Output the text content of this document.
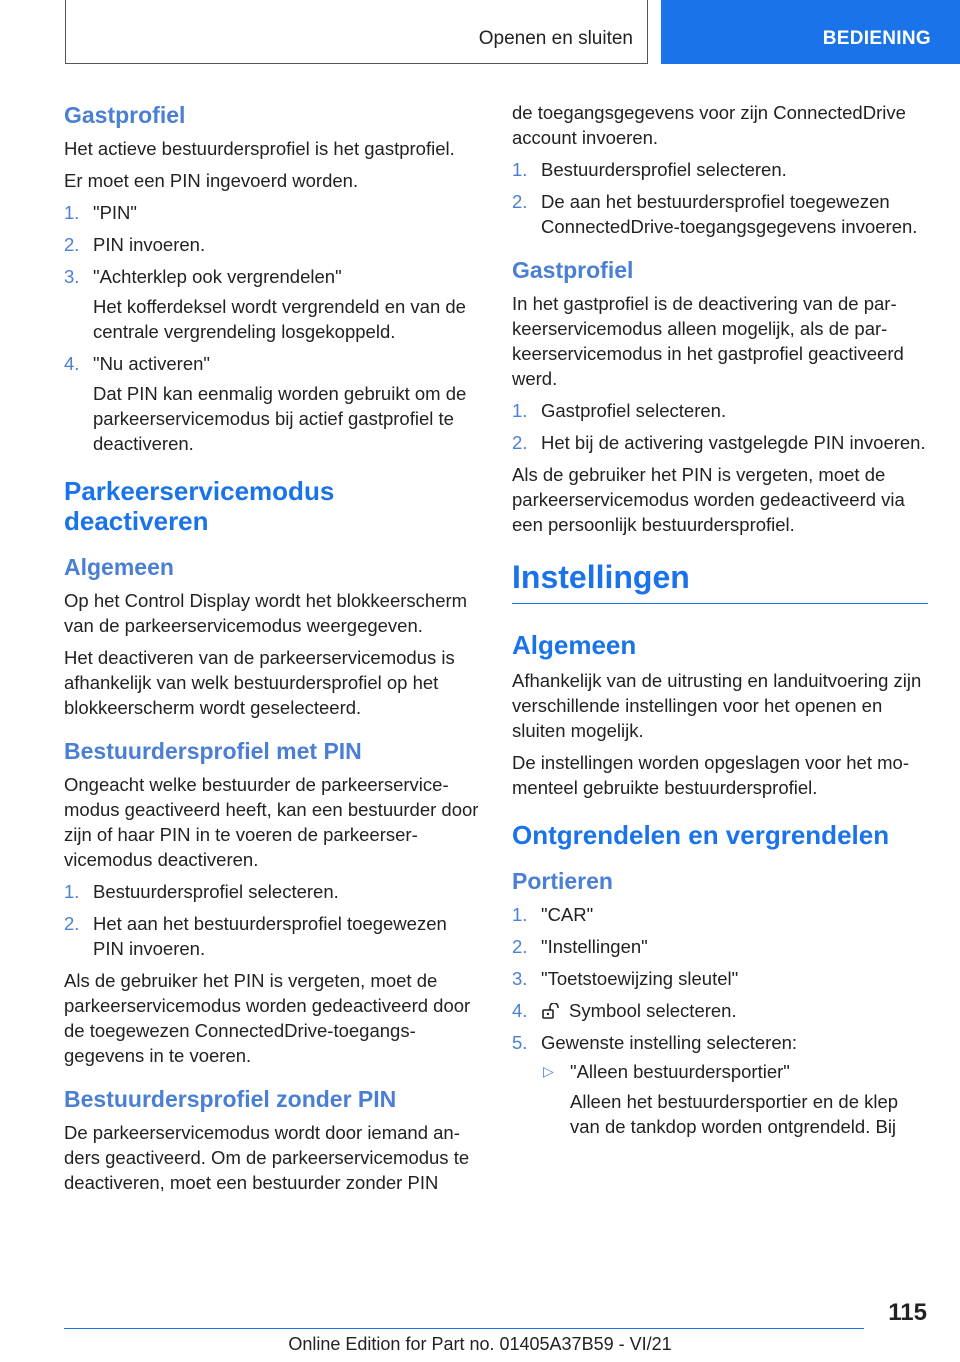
Openen en sluiten	BEDIENING
Gastprofiel

Het actieve bestuurdersprofiel is het gastprofiel.

Er moet een PIN ingevoerd worden.

1. "PIN"
2. PIN invoeren.
3. "Achterklep ook vergrendelen"
Het kofferdeksel wordt vergrendeld en van de centrale vergrendeling losgekoppeld.
4. "Nu activeren"
Dat PIN kan eenmalig worden gebruikt om de parkeerservicemodus bij actief gastprofiel te deactiveren.
Parkeerservicemodus deactiveren
Algemeen

Op het Control Display wordt het blokkeerscherm van de parkeerservicemodus weergegeven.

Het deactiveren van de parkeerservicemodus is afhankelijk van welk bestuurdersprofiel op het blokkeerscherm wordt geselecteerd.

Bestuurdersprofiel met PIN

Ongeacht welke bestuurder de parkeerservicemodus geactiveerd heeft, kan een bestuurder door zijn of haar PIN in te voeren de parkeerservicemodus deactiveren.

1. Bestuurdersprofiel selecteren.
2. Het aan het bestuurdersprofiel toegewezen PIN invoeren.

Als de gebruiker het PIN is vergeten, moet de parkeerservicemodus worden gedeactiveerd door de toegewezen ConnectedDrive-toegangsgegevens in te voeren.

Bestuurdersprofiel zonder PIN

De parkeerservicemodus wordt door iemand anders geactiveerd. Om de parkeerservicemodus te deactiveren, moet een bestuurder zonder PIN

de toegangsgegevens voor zijn ConnectedDrive account invoeren.

1. Bestuurdersprofiel selecteren.
2. De aan het bestuurdersprofiel toegewezen ConnectedDrive-toegangsgegevens invoeren.
Gastprofiel

In het gastprofiel is de deactivering van de parkeerservicemodus alleen mogelijk, als de parkeerservicemodus in het gastprofiel geactiveerd werd.

1. Gastprofiel selecteren.
2. Het bij de activering vastgelegde PIN invoeren.

Als de gebruiker het PIN is vergeten, moet de parkeerservicemodus worden gedeactiveerd via een persoonlijk bestuurdersprofiel.

Instellingen
Algemeen

Afhankelijk van de uitrusting en landuitvoering zijn verschillende instellingen voor het openen en sluiten mogelijk.

De instellingen worden opgeslagen voor het momenteel gebruikte bestuurdersprofiel.

Ontgrendelen en vergrendelen
Portieren
1. "CAR"
2. "Instellingen"
3. "Toetstoewijzing sleutel"
4. Symbool selecteren.
5. Gewenste instelling selecteren:
▷ "Alleen bestuurdersportier"
Alleen het bestuurdersportier en de klep van de tankdop worden ontgrendeld. Bij
115
Online Edition for Part no. 01405A37B59 - VI/21
